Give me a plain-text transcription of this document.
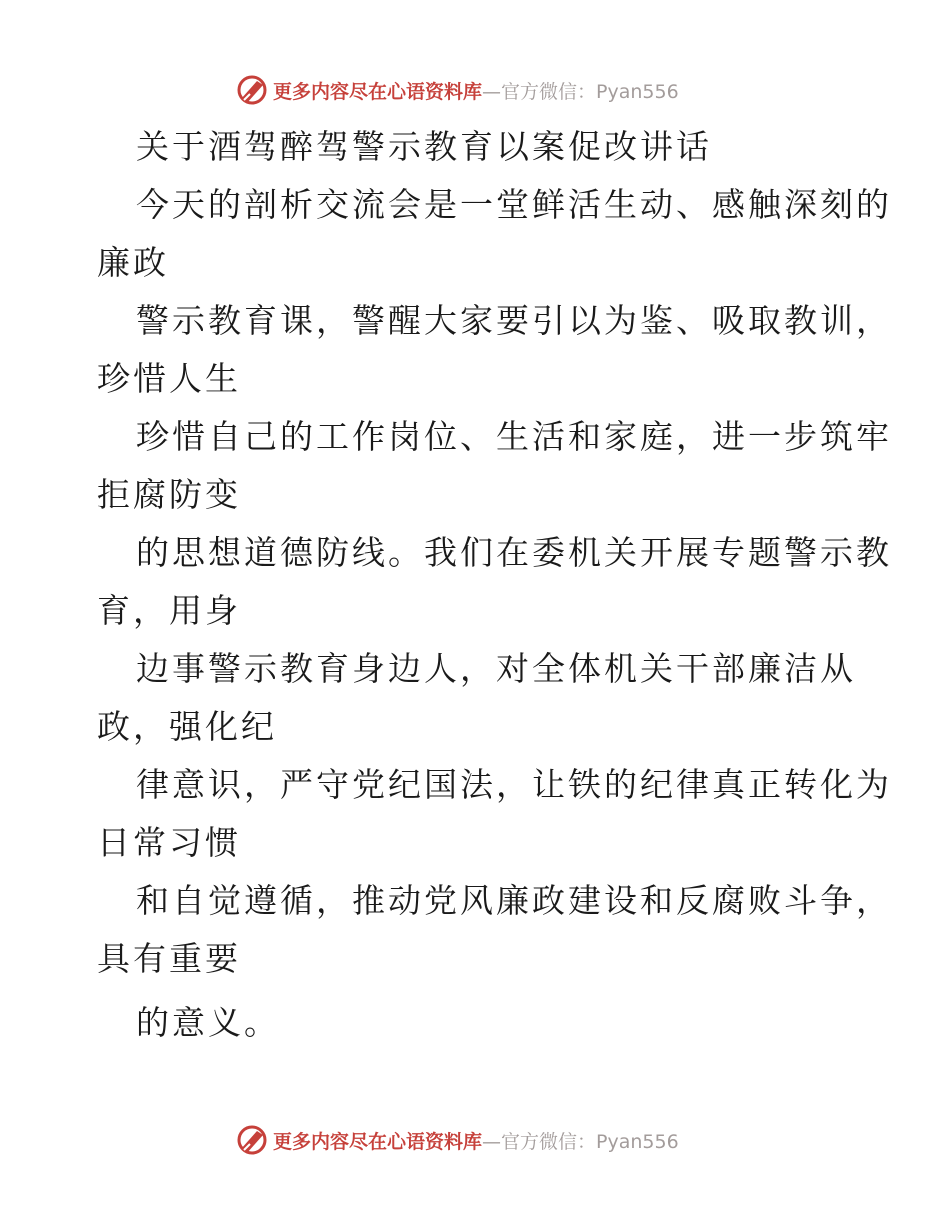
更多内容尽在心语资料库—官方微信：Pyan556
关于酒驾醉驾警示教育以案促改讲话
今天的剖析交流会是一堂鲜活生动、感触深刻的
廉政
警示教育课，警醒大家要引以为鉴、吸取教训，
珍惜人生
珍惜自己的工作岗位、生活和家庭，进一步筑牢
拒腐防变
的思想道德防线。我们在委机关开展专题警示教
育，用身
边事警示教育身边人，对全体机关干部廉洁从
政，强化纪
律意识，严守党纪国法，让铁的纪律真正转化为
日常习惯
和自觉遵循，推动党风廉政建设和反腐败斗争，
具有重要
的意义。
更多内容尽在心语资料库—官方微信：Pyan556
